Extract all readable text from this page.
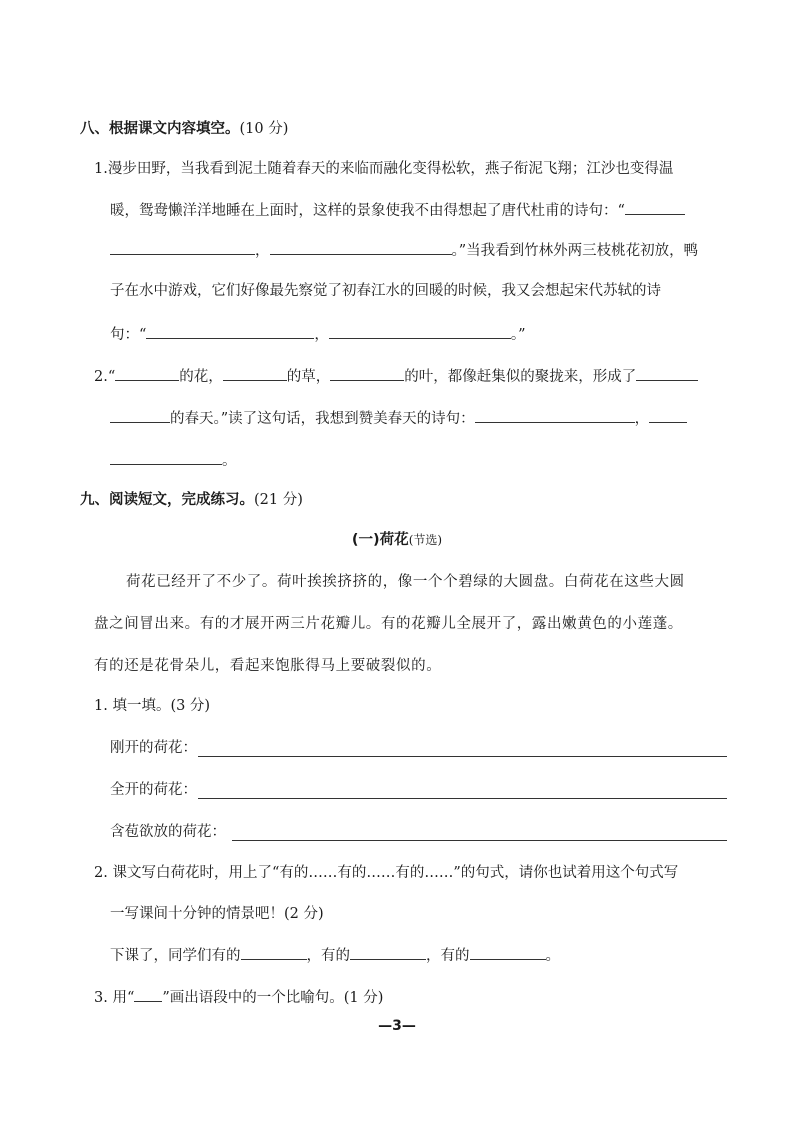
八、根据课文内容填空。(10 分)
1.漫步田野，当我看到泥土随着春天的来临而融化变得松软，燕子衔泥飞翔；江沙也变得温
暖，鸳鸯懒洋洋地睡在上面时，这样的景象使我不由得想起了唐代杜甫的诗句：“
，	。”当我看到竹林外两三枝桃花初放，鸭
子在水中游戏，它们好像最先察觉了初春江水的回暖的时候，我又会想起宋代苏轼的诗
句：“	，	。”
2.“	的花，	的草，	的叶，都像赶集似的聚拢来，形成了
的春天。”读了这句话，我想到赞美春天的诗句：	，
。
九、阅读短文，完成练习。(21 分)
(一)荷花(节选)
荷花已经开了不少了。荷叶挨挨挤挤的，像一个个碧绿的大圆盘。白荷花在这些大圆
盘之间冒出来。有的才展开两三片花瓣儿。有的花瓣儿全展开了，露出嫩黄色的小莲蓬。
有的还是花骨朵儿，看起来饱胀得马上要破裂似的。
1. 填一填。(3 分)
刚开的荷花：
全开的荷花：
含苞欲放的荷花：
2. 课文写白荷花时，用上了“有的……有的……有的……”的句式，请你也试着用这个句式写
一写课间十分钟的情景吧！(2 分)
下课了，同学们有的	，有的	，有的	。
3. 用“ ”画出语段中的一个比喻句。(1 分)
—3—
